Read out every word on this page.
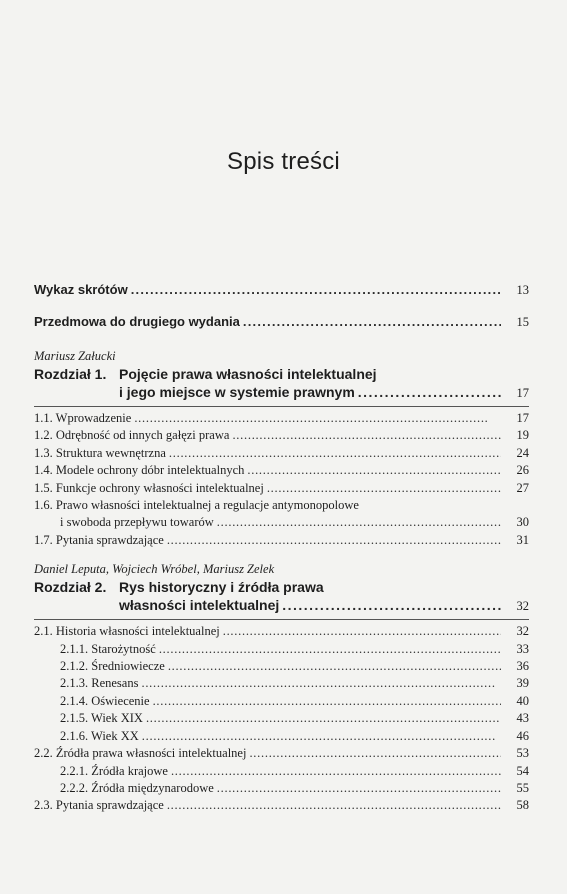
Spis treści
Wykaz skrótów . . .	13
Przedmowa do drugiego wydania . . .	15
Mariusz Załucki
Rozdział 1. Pojęcie prawa własności intelektualnej
i jego miejsce w systemie prawnym . . .	17
1.1. Wprowadzenie . . .	17
1.2. Odrębność od innych gałęzi prawa . . .	19
1.3. Struktura wewnętrzna . . .	24
1.4. Modele ochrony dóbr intelektualnych . . .	26
1.5. Funkcje ochrony własności intelektualnej . . .	27
1.6. Prawo własności intelektualnej a regulacje antymonopolowe
i swoboda przepływu towarów . . .	30
1.7. Pytania sprawdzające . . .	31
Daniel Leputa, Wojciech Wróbel, Mariusz Zelek
Rozdział 2. Rys historyczny i źródła prawa
własności intelektualnej . . .	32
2.1. Historia własności intelektualnej . . .	32
2.1.1. Starożytność . . .	33
2.1.2. Średniowiecze . . .	36
2.1.3. Renesans . . .	39
2.1.4. Oświecenie . . .	40
2.1.5. Wiek XIX . . .	43
2.1.6. Wiek XX . . .	46
2.2. Źródła prawa własności intelektualnej . . .	53
2.2.1. Źródła krajowe . . .	54
2.2.2. Źródła międzynarodowe . . .	55
2.3. Pytania sprawdzające . . .	58
